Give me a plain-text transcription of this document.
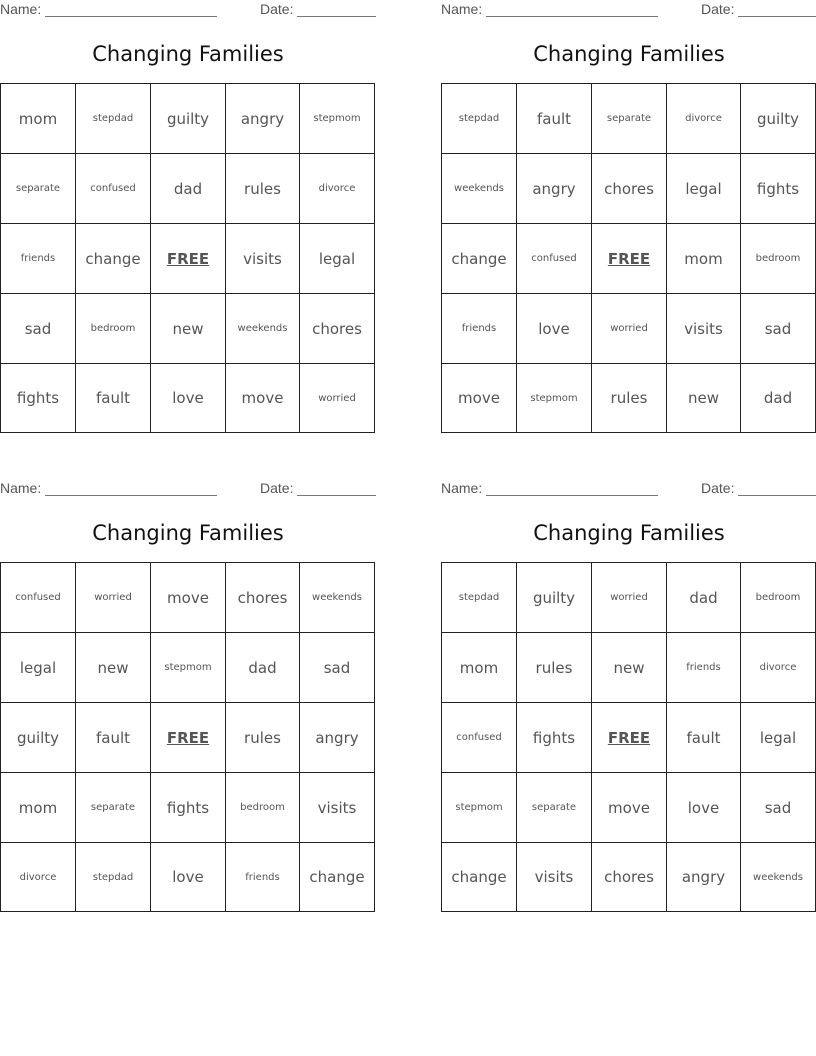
Name:	Date:
Changing Families
mom	stepdad	guilty	angry	stepmom
separate	confused	dad	rules	divorce
friends	change	FREE	visits	legal
sad	bedroom	new	weekends	chores
fights	fault	love	move	worried
Name:	Date:
Changing Families
stepdad	fault	separate	divorce	guilty
weekends	angry	chores	legal	fights
change	confused	FREE	mom	bedroom
friends	love	worried	visits	sad
move	stepmom	rules	new	dad
Name:	Date:
Changing Families
confused	worried	move	chores	weekends
legal	new	stepmom	dad	sad
guilty	fault	FREE	rules	angry
mom	separate	fights	bedroom	visits
divorce	stepdad	love	friends	change
Name:	Date:
Changing Families
stepdad	guilty	worried	dad	bedroom
mom	rules	new	friends	divorce
confused	fights	FREE	fault	legal
stepmom	separate	move	love	sad
change	visits	chores	angry	weekends
